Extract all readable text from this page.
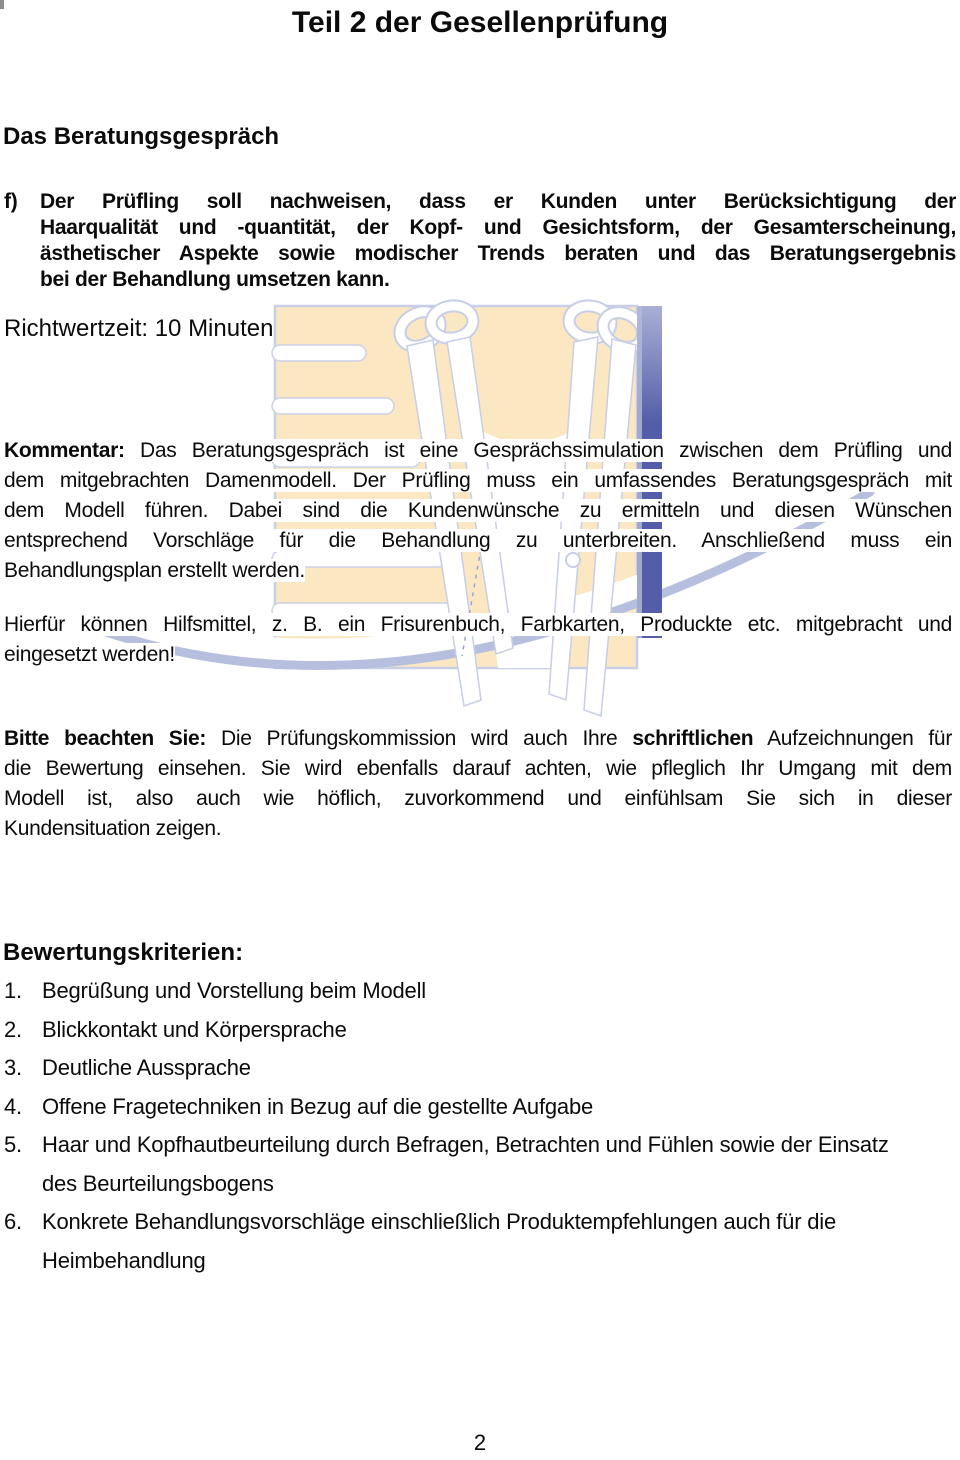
Teil 2 der Gesellenprüfung
Das Beratungsgespräch
f)	Der Prüfling soll nachweisen, dass er Kunden unter Berücksichtigung der
Haarqualität und -quantität, der Kopf- und Gesichtsform, der Gesamterscheinung,
ästhetischer Aspekte sowie modischer Trends beraten und das Beratungsergebnis
bei der Behandlung umsetzen kann.
Richtwertzeit: 10 Minuten
Kommentar: Das Beratungsgespräch ist eine Gesprächssimulation zwischen dem Prüfling und
dem mitgebrachten Damenmodell. Der Prüfling muss ein umfassendes Beratungsgespräch mit
dem Modell führen. Dabei sind die Kundenwünsche zu ermitteln und diesen Wünschen
entsprechend Vorschläge für die Behandlung zu unterbreiten. Anschließend muss ein
Behandlungsplan erstellt werden.
Hierfür können Hilfsmittel, z. B. ein Frisurenbuch, Farbkarten, Produckte etc. mitgebracht und
eingesetzt werden!
Bitte beachten Sie: Die Prüfungskommission wird auch Ihre schriftlichen Aufzeichnungen für
die Bewertung einsehen. Sie wird ebenfalls darauf achten, wie pfleglich Ihr Umgang mit dem
Modell ist, also auch wie höflich, zuvorkommend und einfühlsam Sie sich in dieser
Kundensituation zeigen.
Bewertungskriterien:
1. Begrüßung und Vorstellung beim Modell
2. Blickkontakt und Körpersprache
3. Deutliche Aussprache
4. Offene Fragetechniken in Bezug auf die gestellte Aufgabe
5. Haar und Kopfhautbeurteilung durch Befragen, Betrachten und Fühlen sowie der Einsatz
des Beurteilungsbogens
6. Konkrete Behandlungsvorschläge einschließlich Produktempfehlungen auch für die
Heimbehandlung
2
